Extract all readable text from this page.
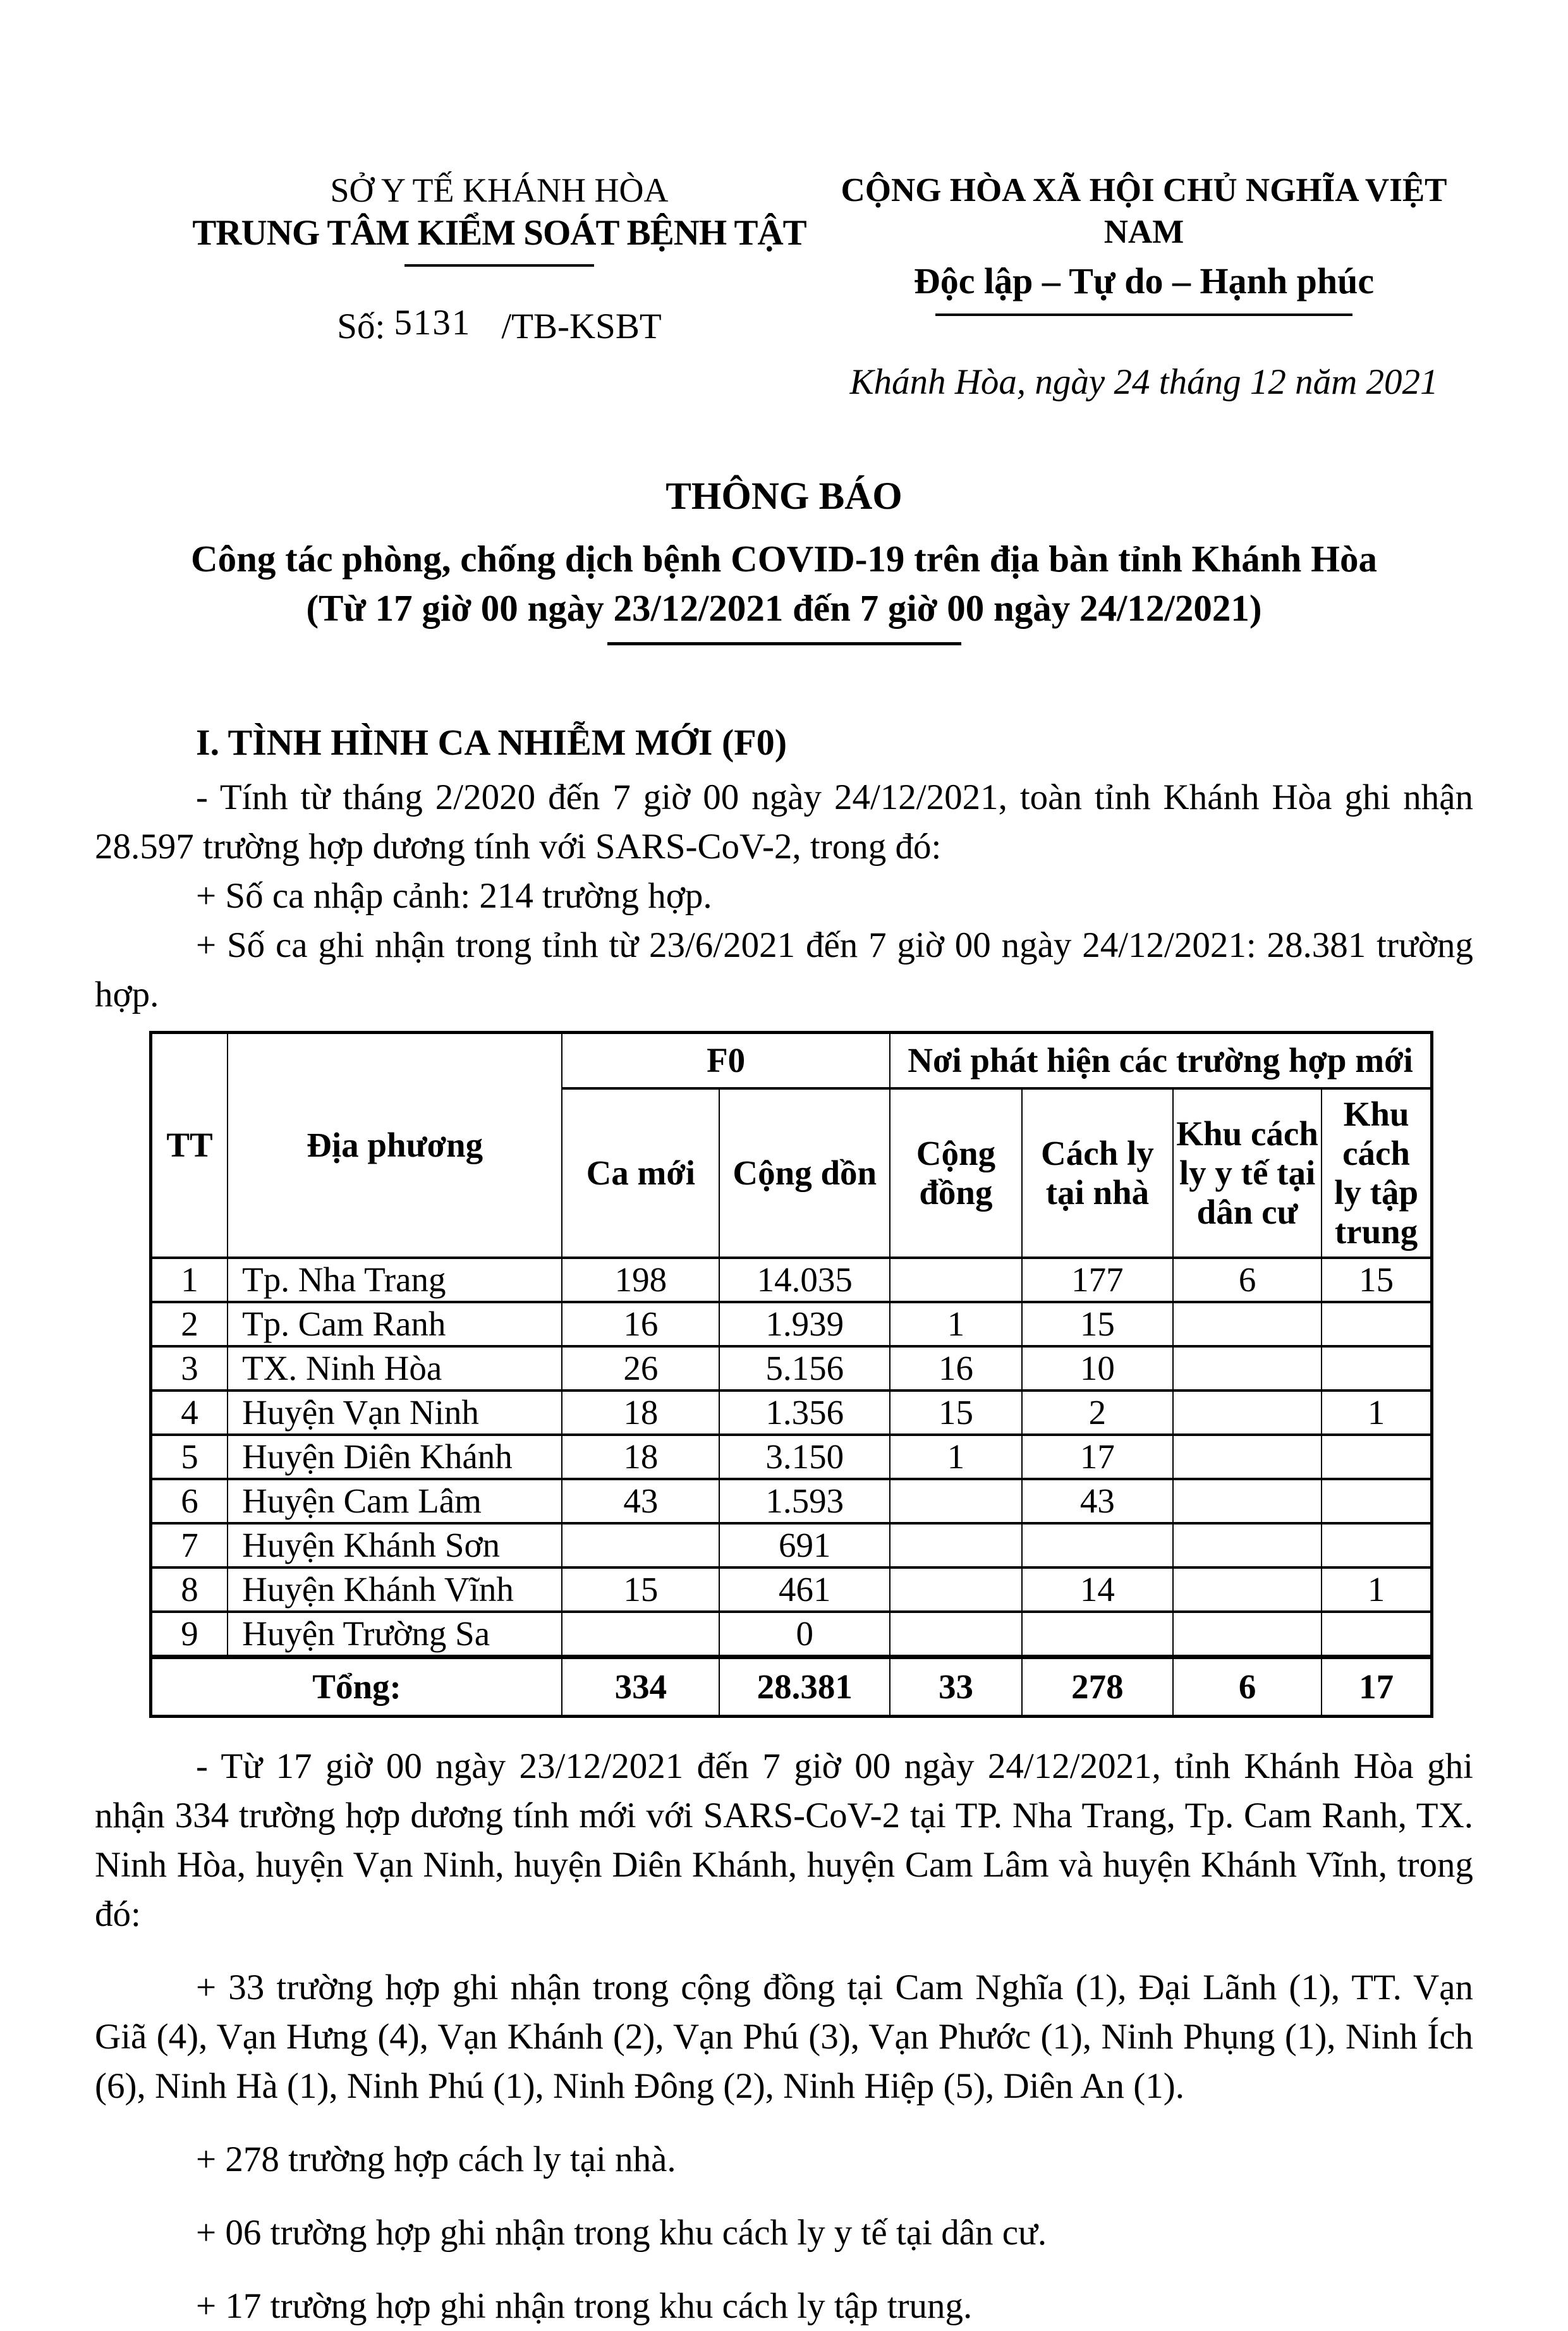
SỞ Y TẾ KHÁNH HÒA
TRUNG TÂM KIỂM SOÁT BỆNH TẬT
Số: 5131 /TB-KSBT
CỘNG HÒA XÃ HỘI CHỦ NGHĨA VIỆT NAM
Độc lập – Tự do – Hạnh phúc
Khánh Hòa, ngày 24 tháng 12 năm 2021
THÔNG BÁO
Công tác phòng, chống dịch bệnh COVID-19 trên địa bàn tỉnh Khánh Hòa
(Từ 17 giờ 00 ngày 23/12/2021 đến 7 giờ 00 ngày 24/12/2021)
I. TÌNH HÌNH CA NHIỄM MỚI (F0)

- Tính từ tháng 2/2020 đến 7 giờ 00 ngày 24/12/2021, toàn tỉnh Khánh Hòa ghi nhận 28.597 trường hợp dương tính với SARS-CoV-2, trong đó:

+ Số ca nhập cảnh: 214 trường hợp.

+ Số ca ghi nhận trong tỉnh từ 23/6/2021 đến 7 giờ 00 ngày 24/12/2021: 28.381 trường hợp.

TT	Địa phương	F0		Nơi phát hiện các trường hợp mới			
		Ca mới	Cộng dồn	Cộng đồng	Cách ly tại nhà	Khu cách ly y tế tại dân cư	Khu cách ly tập trung
1	Tp. Nha Trang	198	14.035		177	6	15
2	Tp. Cam Ranh	16	1.939	1	15		
3	TX. Ninh Hòa	26	5.156	16	10		
4	Huyện Vạn Ninh	18	1.356	15	2		1
5	Huyện Diên Khánh	18	3.150	1	17		
6	Huyện Cam Lâm	43	1.593		43		
7	Huyện Khánh Sơn		691				
8	Huyện Khánh Vĩnh	15	461		14		1
9	Huyện Trường Sa		0				
Tổng:		334	28.381	33	278	6	17

- Từ 17 giờ 00 ngày 23/12/2021 đến 7 giờ 00 ngày 24/12/2021, tỉnh Khánh Hòa ghi nhận 334 trường hợp dương tính mới với SARS-CoV-2 tại TP. Nha Trang, Tp. Cam Ranh, TX. Ninh Hòa, huyện Vạn Ninh, huyện Diên Khánh, huyện Cam Lâm và huyện Khánh Vĩnh, trong đó:

+ 33 trường hợp ghi nhận trong cộng đồng tại Cam Nghĩa (1), Đại Lãnh (1), TT. Vạn Giã (4), Vạn Hưng (4), Vạn Khánh (2), Vạn Phú (3), Vạn Phước (1), Ninh Phụng (1), Ninh Ích (6), Ninh Hà (1), Ninh Phú (1), Ninh Đông (2), Ninh Hiệp (5), Diên An (1).

+ 278 trường hợp cách ly tại nhà.

+ 06 trường hợp ghi nhận trong khu cách ly y tế tại dân cư.

+ 17 trường hợp ghi nhận trong khu cách ly tập trung.
